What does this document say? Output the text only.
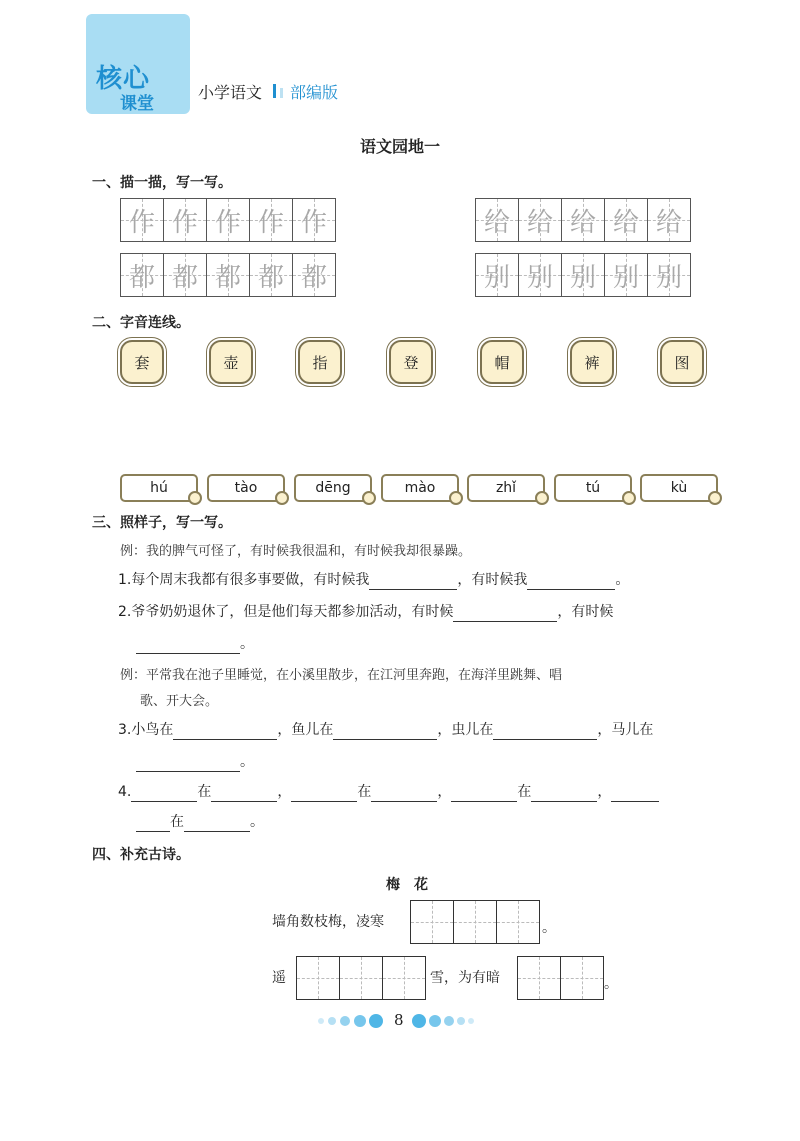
核心
课堂
小学语文 部编版
语文园地一
一、描一描，写一写。
作 作 作 作 作	给 给 给 给 给
都 都 都 都 都	别 别 别 别 别
二、字音连线。
套	壶	指	登	帽	裤	图
hú	tào	dēng	mào	zhǐ	tú	kù
三、照样子，写一写。
例：我的脾气可怪了，有时候我很温和，有时候我却很暴躁。
1.每个周末我都有很多事要做，有时候我	，有时候我	。
2.爷爷奶奶退休了，但是他们每天都参加活动，有时候	，有时候
。
例：平常我在池子里睡觉，在小溪里散步，在江河里奔跑，在海洋里跳舞、唱
歌、开大会。
3.小鸟在	，鱼儿在	，虫儿在	，马儿在
。
4.	在	，	在	，	在	，
在	。
四、补充古诗。
梅花
墙角数枝梅，凌寒	。
遥	雪，为有暗	。
8
